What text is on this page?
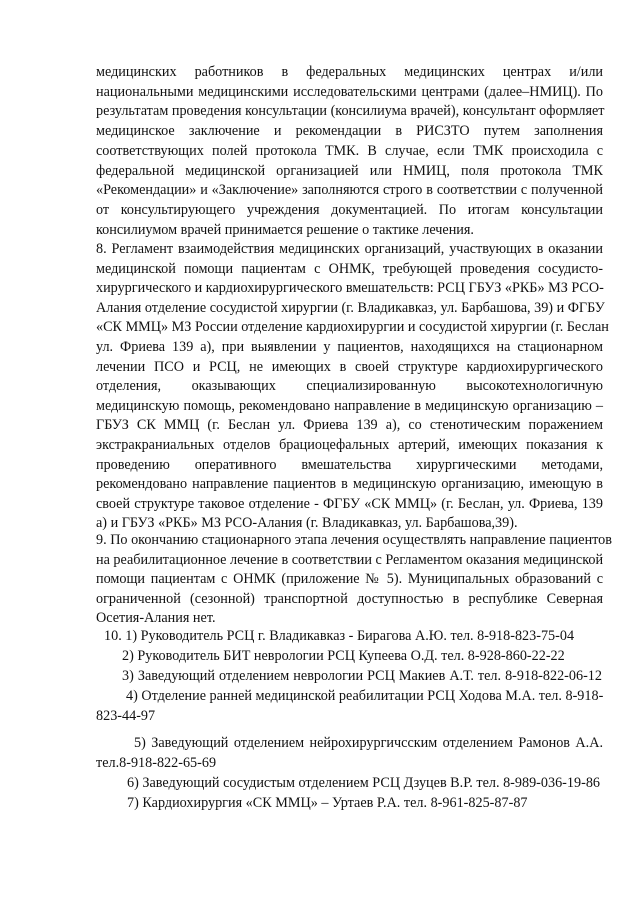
медицинских работников в федеральных медицинских центрах и/или
национальными медицинскими исследовательскими центрами (далее–НМИЦ). По
результатам проведения консультации (консилиума врачей), консультант оформляет
медицинское заключение и рекомендации в РИСЗТО путем заполнения
соответствующих полей протокола ТМК. В случае, если ТМК происходила с
федеральной медицинской организацией или НМИЦ, поля протокола ТМК
«Рекомендации» и «Заключение» заполняются строго в соответствии с полученной
от консультирующего учреждения документацией. По итогам консультации
консилиумом врачей принимается решение о тактике лечения.
8. Регламент взаимодействия медицинских организаций, участвующих в оказании
медицинской помощи пациентам с ОНМК, требующей проведения сосудисто-
хирургического и кардиохирургического вмешательств: РСЦ ГБУЗ «РКБ» МЗ РСО-
Алания отделение сосудистой хирургии (г. Владикавказ, ул. Барбашова, 39) и ФГБУ
«СК ММЦ» МЗ России отделение кардиохирургии и сосудистой хирургии (г. Беслан
ул. Фриева 139 а), при выявлении у пациентов, находящихся на стационарном
лечении ПСО и РСЦ, не имеющих в своей структуре кардиохирургического
отделения, оказывающих специализированную высокотехнологичную
медицинскую помощь, рекомендовано направление в медицинскую организацию –
ГБУЗ СК ММЦ (г. Беслан ул. Фриева 139 а), со стенотическим поражением
экстракраниальных отделов брациоцефальных артерий, имеющих показания к
проведению оперативного вмешательства хирургическими методами,
рекомендовано направление пациентов в медицинскую организацию, имеющую в
своей структуре таковое отделение - ФГБУ «СК ММЦ» (г. Беслан, ул. Фриева, 139
а) и ГБУЗ «РКБ» МЗ РСО-Алания (г. Владикавказ, ул. Барбашова,39).
9. По окончанию стационарного этапа лечения осуществлять направление пациентов
на реабилитационное лечение в соответствии с Регламентом оказания медицинской
помощи пациентам с ОНМК (приложение № 5). Муниципальных образований с
ограниченной (сезонной) транспортной доступностью в республике Северная
Осетия-Алания нет.
10. 1) Руководитель РСЦ г. Владикавказ - Бирагова А.Ю. тел. 8-918-823-75-04
2) Руководитель БИТ неврологии РСЦ Купеева О.Д. тел. 8-928-860-22-22
3) Заведующий отделением неврологии РСЦ Макиев А.Т. тел. 8-918-822-06-12
4) Отделение ранней медицинской реабилитации РСЦ Ходова М.А. тел. 8-918-
823-44-97
5) Заведующий отделением нейрохирургичсским отделением Рамонов А.А.
тел.8-918-822-65-69
6) Заведующий сосудистым отделением РСЦ Дзуцев В.Р. тел. 8-989-036-19-86
7) Кардиохирургия «СК ММЦ» – Уртаев Р.А. тел. 8-961-825-87-87
